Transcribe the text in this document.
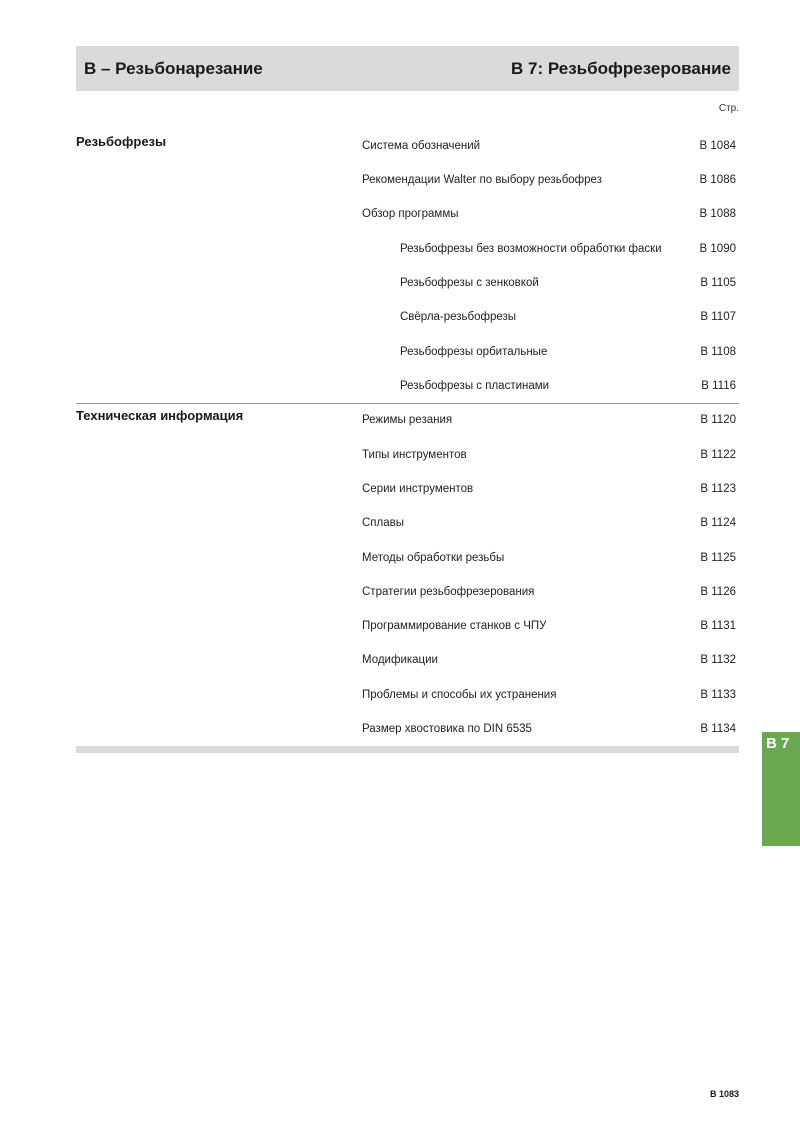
B – Резьбонарезание	B 7: Резьбофрезерование
Стр.
Резьбофрезы	Система обозначений	B 1084
Рекомендации Walter по выбору резьбофрез	B 1086
Обзор программы	B 1088
Резьбофрезы без возможности обработки фаски	B 1090
Резьбофрезы с зенковкой	B 1105
Свёрла-резьбофрезы	B 1107
Резьбофрезы орбитальные	B 1108
Резьбофрезы с пластинами	B 1116
Техническая информация	Режимы резания	B 1120
Типы инструментов	B 1122
Серии инструментов	B 1123
Сплавы	B 1124
Методы обработки резьбы	B 1125
Стратегии резьбофрезерования	B 1126
Программирование станков с ЧПУ	B 1131
Модификации	B 1132
Проблемы и способы их устранения	B 1133
Размер хвостовика по DIN 6535	B 1134
B 7
B 1083
